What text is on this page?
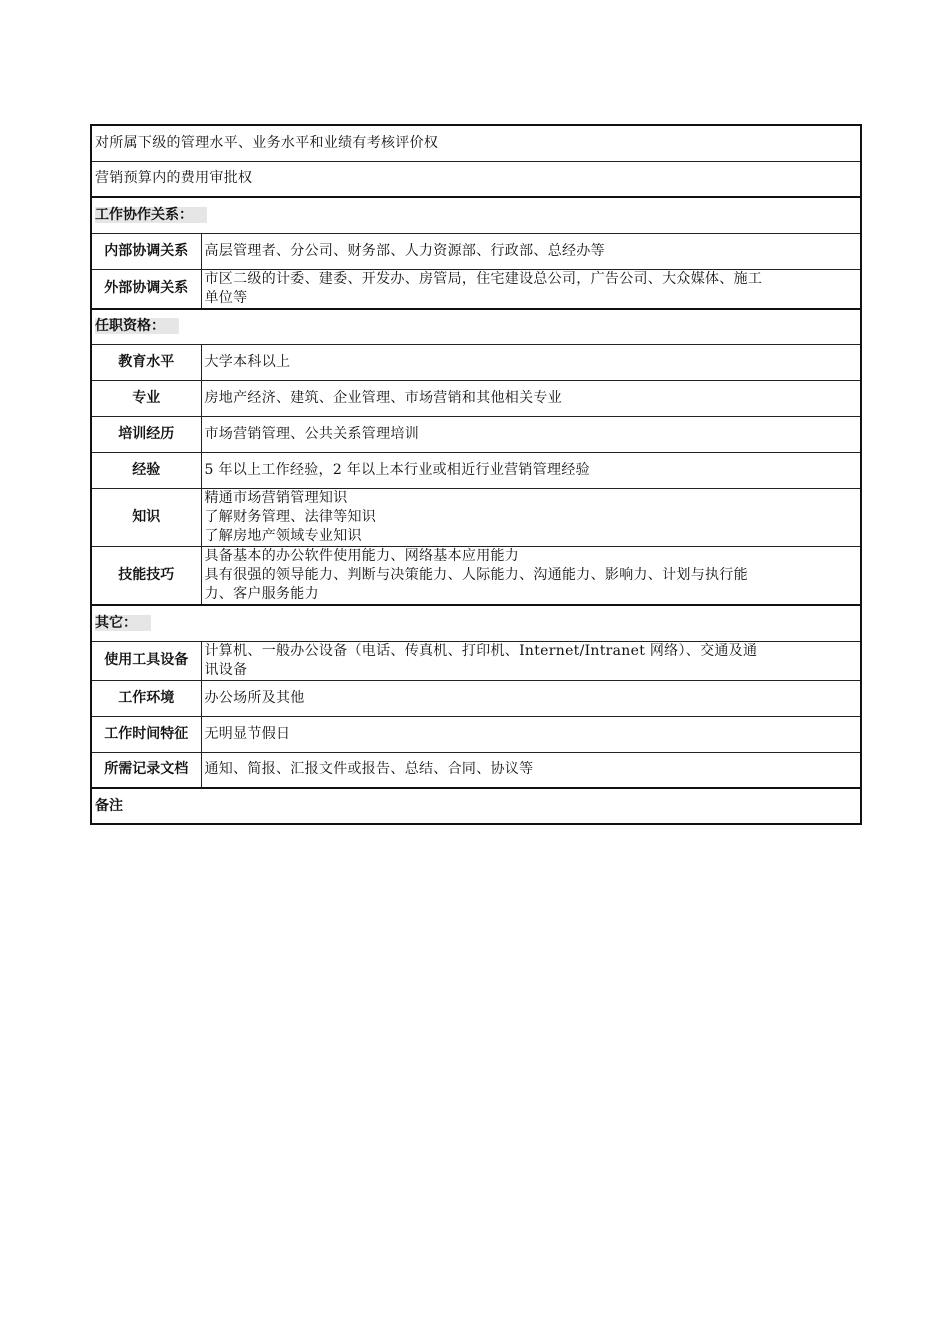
对所属下级的管理水平、业务水平和业绩有考核评价权	
营销预算内的费用审批权	
工作协作关系：	
内部协调关系	高层管理者、分公司、财务部、人力资源部、行政部、总经办等
外部协调关系	市区二级的计委、建委、开发办、房管局，住宅建设总公司，广告公司、大众媒体、施工
单位等

任职资格：	
教育水平	大学本科以上
专业	房地产经济、建筑、企业管理、市场营销和其他相关专业
培训经历	市场营销管理、公共关系管理培训
经验	5 年以上工作经验，2 年以上本行业或相近行业营销管理经验
知识	精通市场营销管理知识
了解财务管理、法律等知识
了解房地产领域专业知识

技能技巧	具备基本的办公软件使用能力、网络基本应用能力
具有很强的领导能力、判断与决策能力、人际能力、沟通能力、影响力、计划与执行能
力、客户服务能力

其它：	
使用工具设备	计算机、一般办公设备（电话、传真机、打印机、Internet/Intranet 网络）、交通及通
讯设备

工作环境	办公场所及其他
工作时间特征	无明显节假日
所需记录文档	通知、简报、汇报文件或报告、总结、合同、协议等
备注	
